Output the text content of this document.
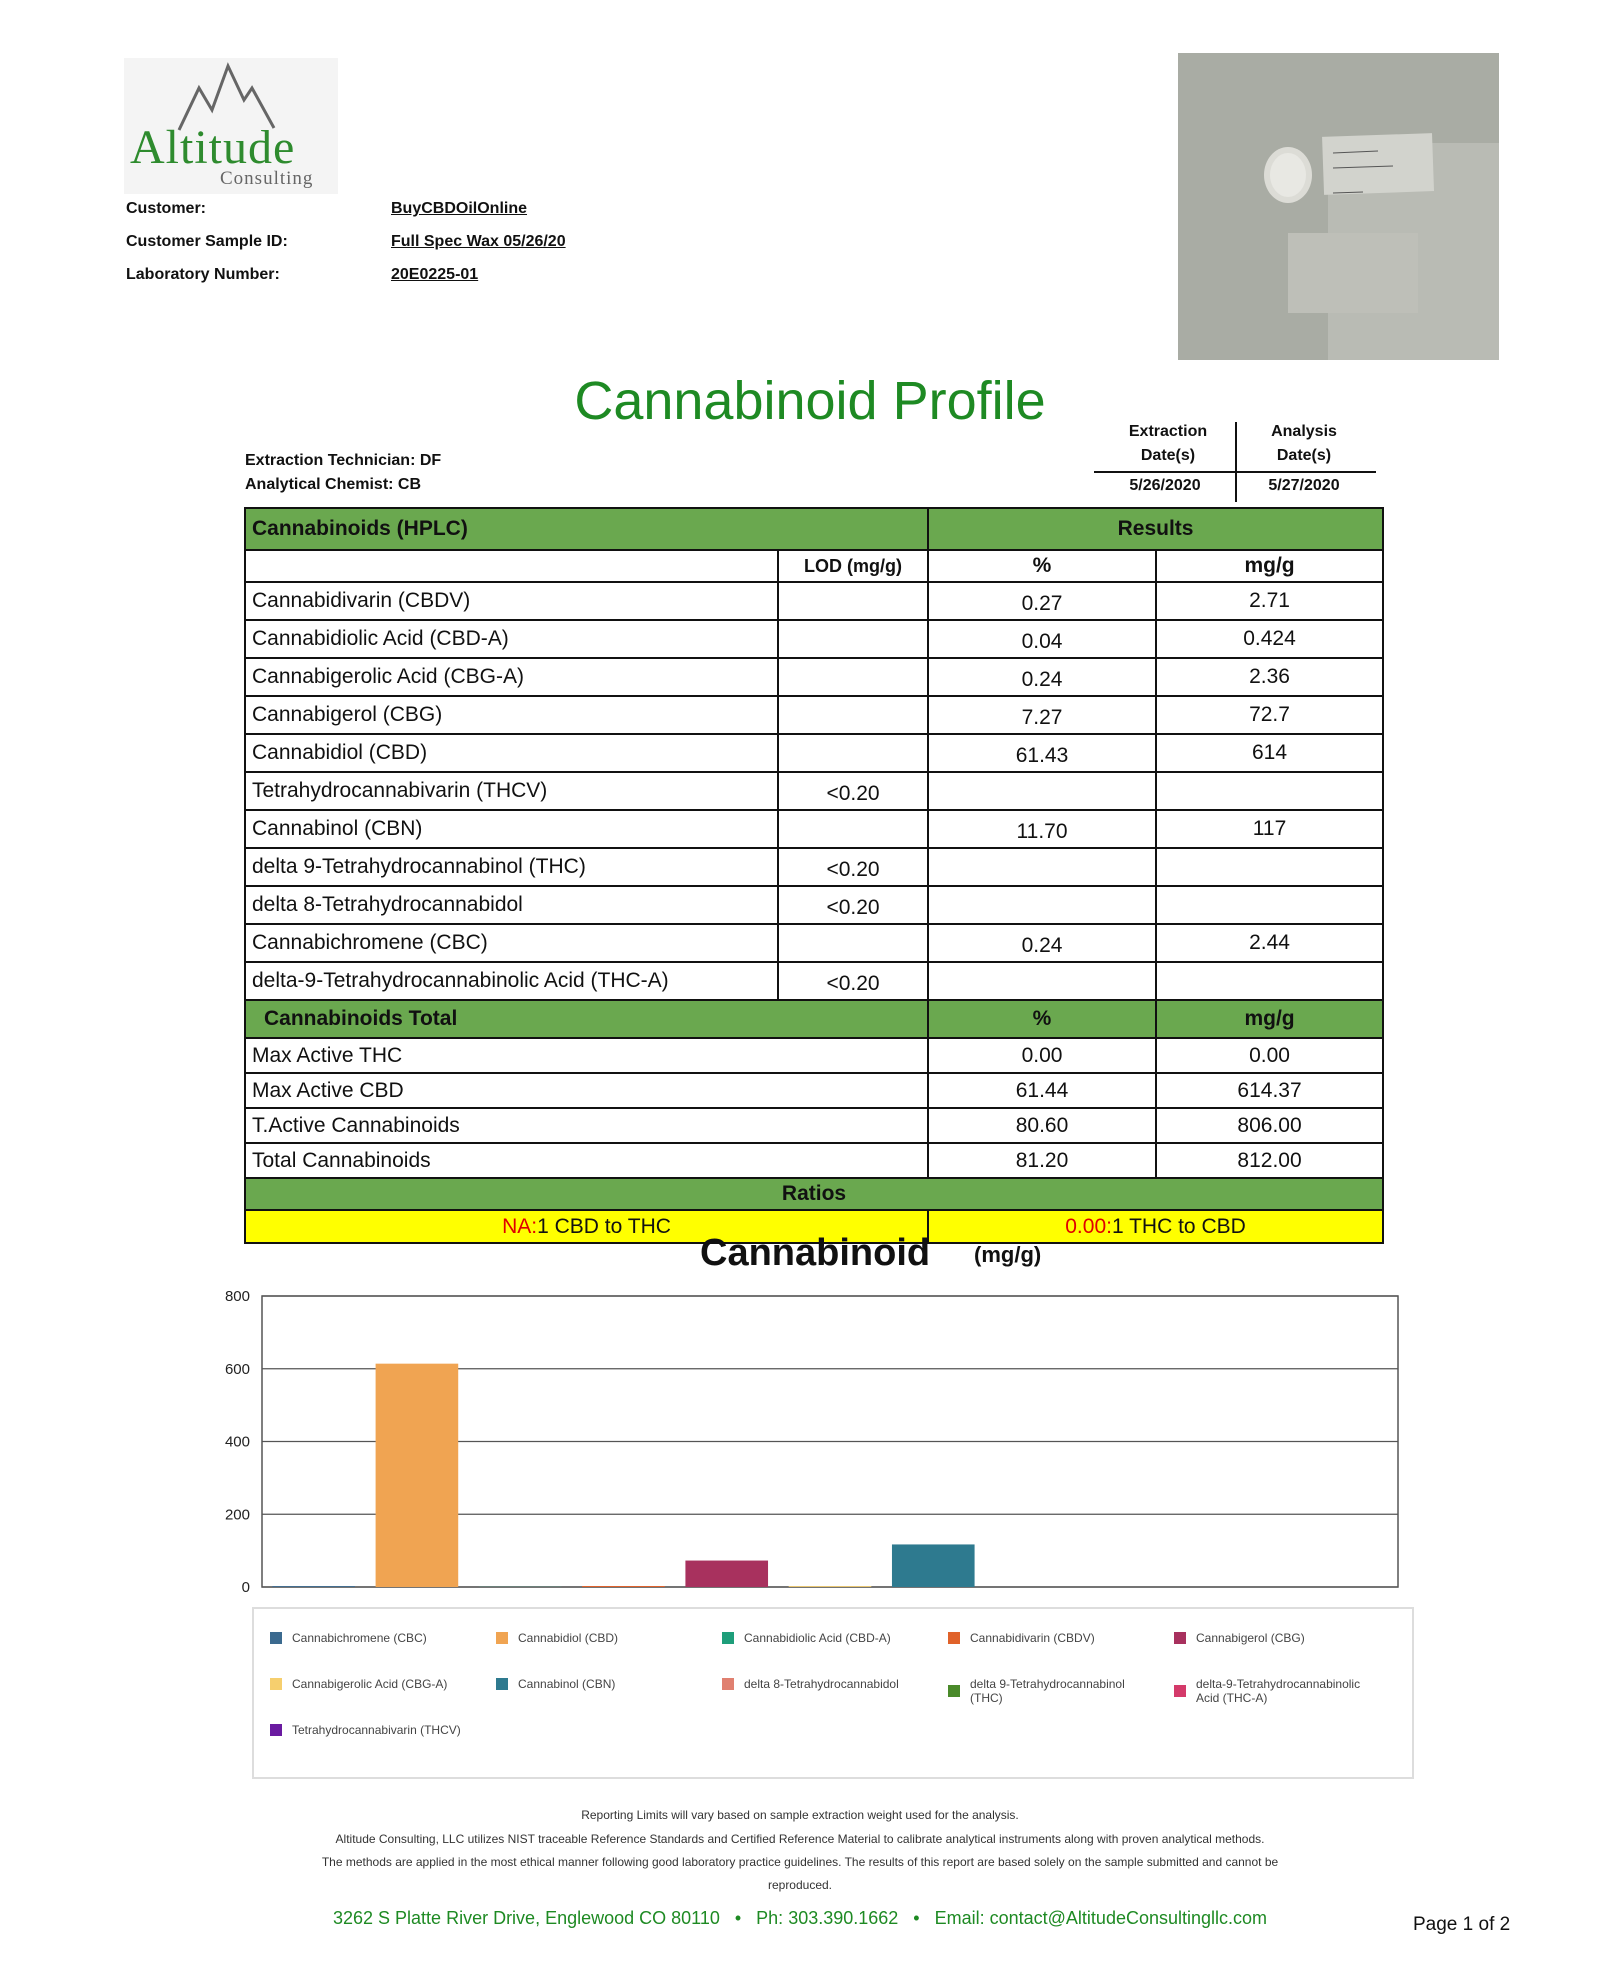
Altitude
Consulting
Customer:	BuyCBDOilOnline
Customer Sample ID:	Full Spec Wax 05/26/20
Laboratory Number:	20E0225-01
Cannabinoid Profile
Extraction Technician: DF
Analytical Chemist: CB
Extraction
Date(s)
Analysis
Date(s)
5/26/2020	5/27/2020
Cannabinoids (HPLC)		Results	
	LOD (mg/g)	%	mg/g
Cannabidivarin (CBDV)		0.27	2.71
Cannabidiolic Acid (CBD-A)		0.04	0.424
Cannabigerolic Acid (CBG-A)		0.24	2.36
Cannabigerol (CBG)		7.27	72.7
Cannabidiol (CBD)		61.43	614
Tetrahydrocannabivarin (THCV)	<0.20		
Cannabinol (CBN)		11.70	117
delta 9-Tetrahydrocannabinol (THC)	<0.20		
delta 8-Tetrahydrocannabidol	<0.20		
Cannabichromene (CBC)		0.24	2.44
delta-9-Tetrahydrocannabinolic Acid (THC-A)	<0.20		
Cannabinoids Total		%	mg/g
Max Active THC		0.00	0.00
Max Active CBD		61.44	614.37
T.Active Cannabinoids		80.60	806.00
Total Cannabinoids		81.20	812.00
Ratios			
NA:1 CBD to THC		0.00:1 THC to CBD	
Cannabinoid (mg/g)
0
200
400
600
800
Cannabichromene (CBC)	Cannabidiol (CBD)	Cannabidiolic Acid (CBD-A)	Cannabidivarin (CBDV)	Cannabigerol (CBG)
Cannabigerolic Acid (CBG-A)	Cannabinol (CBN)	delta 8-Tetrahydrocannabidol	delta 9-Tetrahydrocannabinol (THC)
delta-9-Tetrahydrocannabinolic Acid (THC-A)
Tetrahydrocannabivarin (THCV)
Reporting Limits will vary based on sample extraction weight used for the analysis.
Altitude Consulting, LLC utilizes NIST traceable Reference Standards and Certified Reference Material to calibrate analytical instruments along with proven analytical methods.
The methods are applied in the most ethical manner following good laboratory practice guidelines. The results of this report are based solely on the sample submitted and cannot be
reproduced.
3262 S Platte River Drive, Englewood CO 80110   •   Ph: 303.390.1662   •   Email: contact@AltitudeConsultingllc.com	Page 1 of 2
